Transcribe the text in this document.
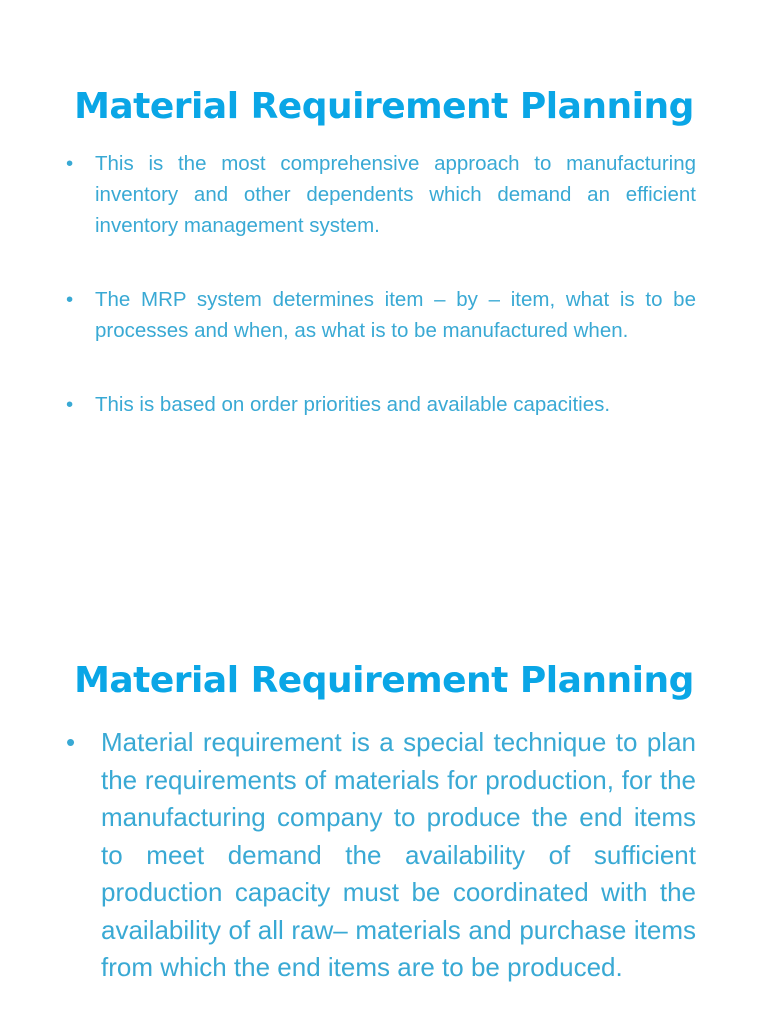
Material Requirement Planning
• This is the most comprehensive approach to manufacturing inventory and other dependents which demand an efficient inventory management system.
• The MRP system determines item – by – item, what is to be processes and when, as what is to be manufactured when.
• This is based on order priorities and available capacities.
Material Requirement Planning
• Material requirement is a special technique to plan the requirements of materials for production, for the manufacturing company to produce the end items to meet demand the availability of sufficient production capacity must be coordinated with the availability of all raw– materials and purchase items from which the end items are to be produced.
